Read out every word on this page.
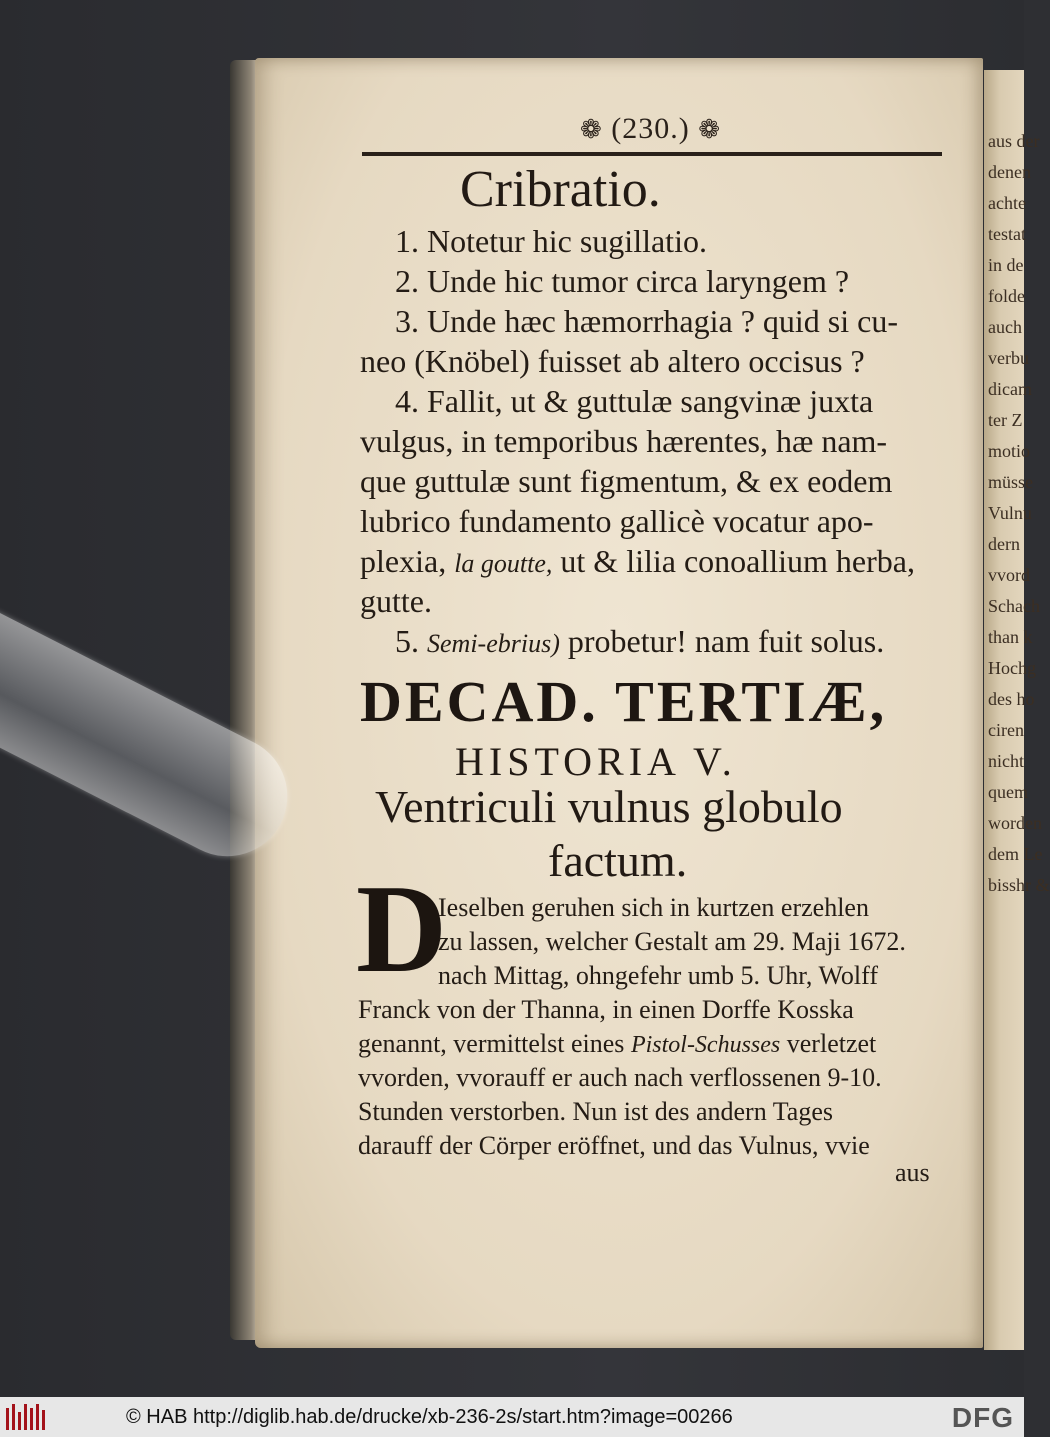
aus der
denen
achte
testat
in de
folde
auch
verbu
dicam
ter Z
motio
müsse
Vulnu
dern
vvord
Schach
than k
Hochg
des ho
ciren
nicht
quem
worden
dem Le
bisshr &
❁ (230.) ❁
Cribratio.
1. Notetur hic sugillatio.
2. Unde hic tumor circa laryngem ?
3. Unde hæc hæmorrhagia ? quid si cu-
neo (Knöbel) fuisset ab altero occisus ?
4. Fallit, ut & guttulæ sangvinæ juxta
vulgus, in temporibus hærentes, hæ nam-
que guttulæ sunt figmentum, & ex eodem
lubrico fundamento gallicè vocatur apo-
plexia, la goutte, ut & lilia conoallium herba,
gutte.
5. Semi-ebrius) probetur! nam fuit solus.
DECAD. TERTIÆ,
HISTORIA V.
Ventriculi vulnus globulo
factum.
D
Ieselben geruhen sich in kurtzen erzehlen
zu lassen, welcher Gestalt am 29. Maji 1672.
nach Mittag, ohngefehr umb 5. Uhr, Wolff
Franck von der Thanna, in einen Dorffe Kosska
genannt, vermittelst eines Pistol-Schusses verletzet
vvorden, vvorauff er auch nach verflossenen 9-10.
Stunden verstorben. Nun ist des andern Tages
darauff der Cörper eröffnet, und das Vulnus, vvie
aus
© HAB http://diglib.hab.de/drucke/xb-236-2s/start.htm?image=00266	DFG
